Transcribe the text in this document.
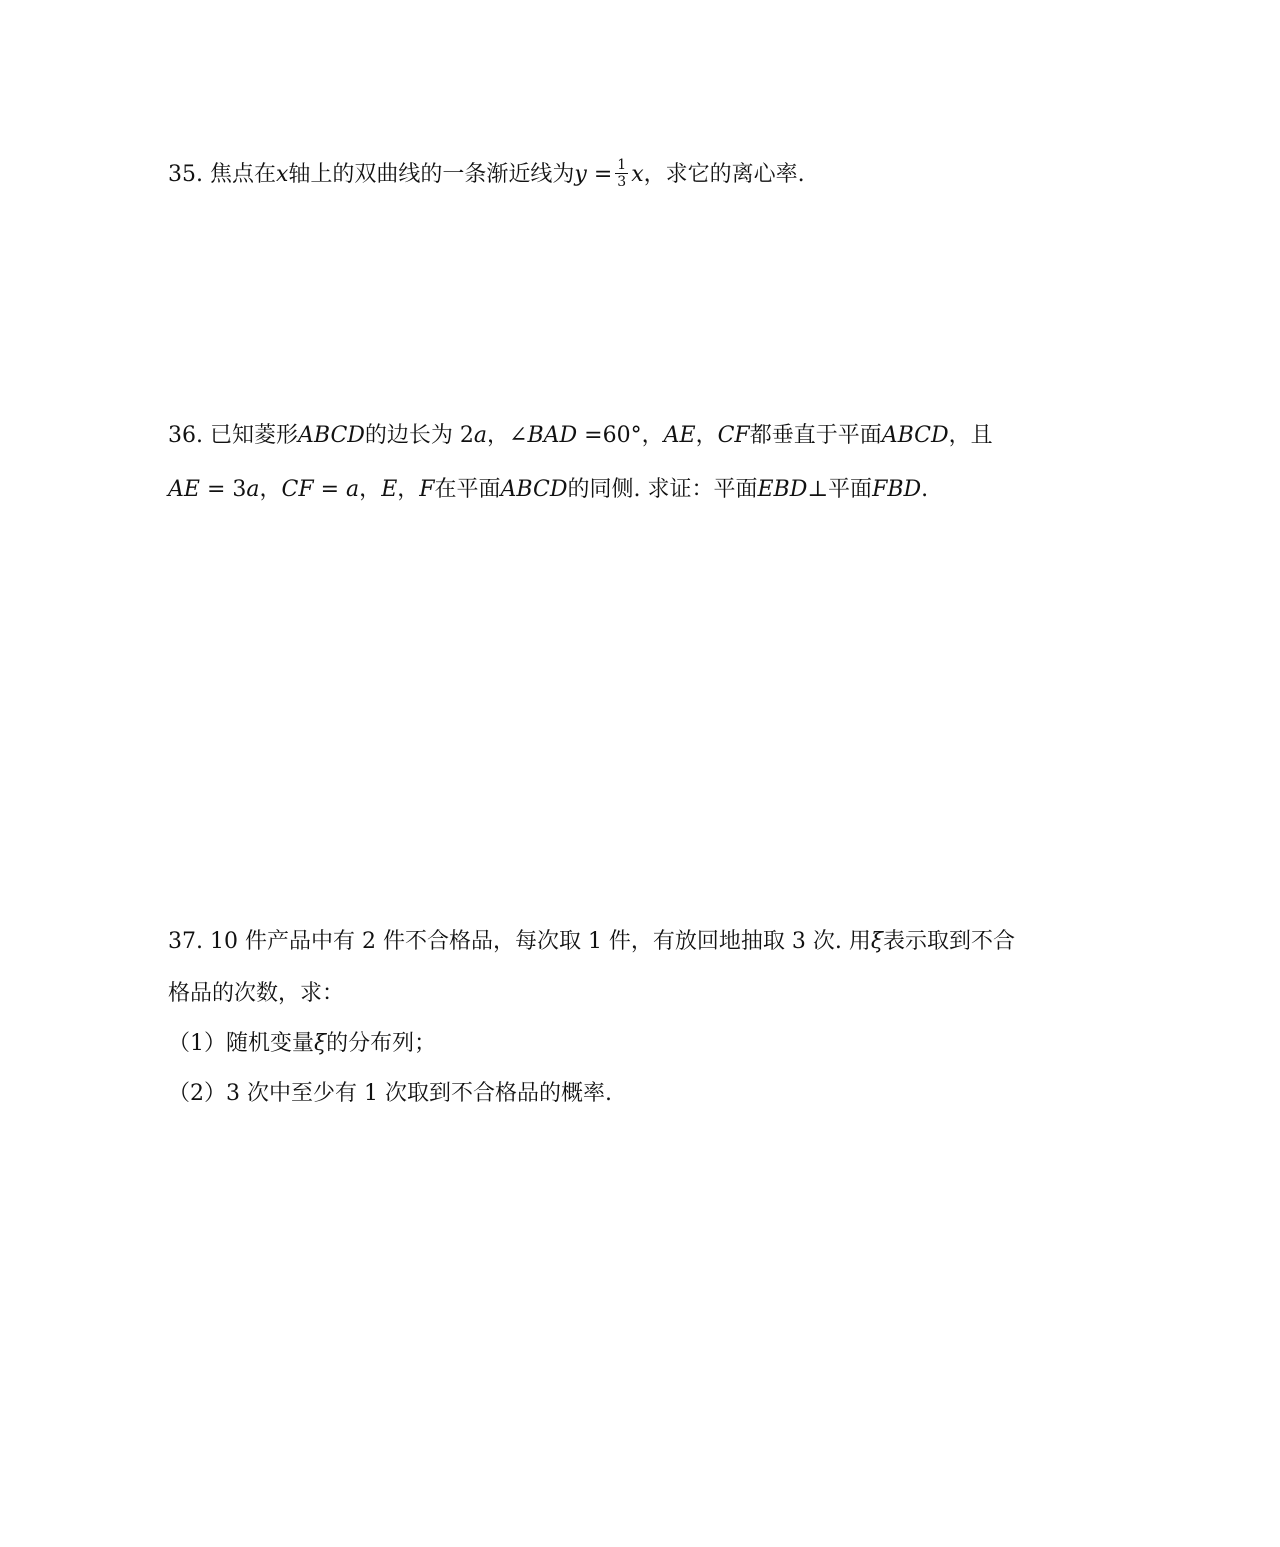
35. 焦点在x轴上的双曲线的一条渐近线为$y = \frac{1}{3}$ x，求它的离心率.
36. 已知菱形ABCD的边长为 2a，∠BAD =60°，AE，CF都垂直于平面ABCD，且
AE = 3a，CF = a，E，F在平面ABCD的同侧. 求证：平面EBD⊥平面FBD.
37. 10 件产品中有 2 件不合格品，每次取 1 件，有放回地抽取 3 次. 用ξ表示取到不合
格品的次数，求：
（1）随机变量ξ的分布列；
（2）3 次中至少有 1 次取到不合格品的概率.
